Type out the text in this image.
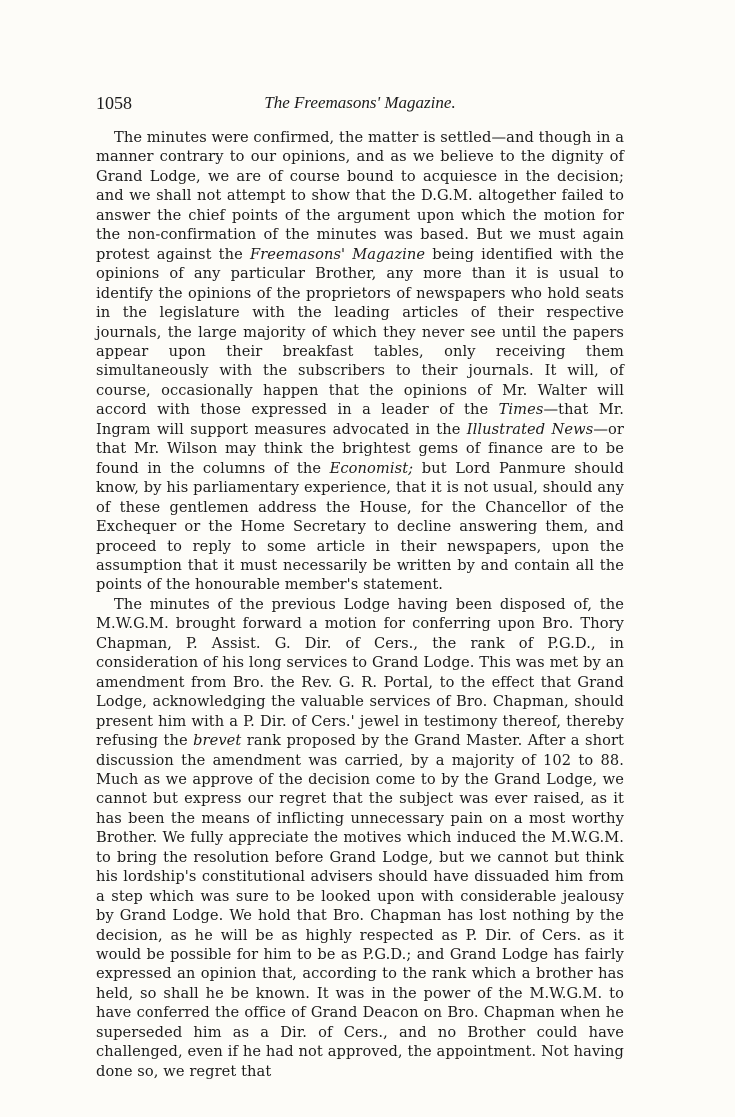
1058	The Freemasons' Magazine.

The minutes were confirmed, the matter is settled—and though in a manner contrary to our opinions, and as we believe to the dignity of Grand Lodge, we are of course bound to acquiesce in the decision; and we shall not attempt to show that the D.G.M. altogether failed to answer the chief points of the argument upon which the motion for the non-confirmation of the minutes was based. But we must again protest against the Freemasons' Magazine being identified with the opinions of any particular Brother, any more than it is usual to identify the opinions of the proprietors of newspapers who hold seats in the legislature with the leading articles of their respective journals, the large majority of which they never see until the papers appear upon their breakfast tables, only receiving them simultaneously with the subscribers to their journals. It will, of course, occasionally happen that the opinions of Mr. Walter will accord with those expressed in a leader of the Times—that Mr. Ingram will support measures advocated in the Illustrated News—or that Mr. Wilson may think the brightest gems of finance are to be found in the columns of the Economist; but Lord Panmure should know, by his parliamentary experience, that it is not usual, should any of these gentlemen address the House, for the Chancellor of the Exchequer or the Home Secretary to decline answering them, and proceed to reply to some article in their newspapers, upon the assumption that it must necessarily be written by and contain all the points of the honourable member's statement.

The minutes of the previous Lodge having been disposed of, the M.W.G.M. brought forward a motion for conferring upon Bro. Thory Chapman, P. Assist. G. Dir. of Cers., the rank of P.G.D., in consideration of his long services to Grand Lodge. This was met by an amendment from Bro. the Rev. G. R. Portal, to the effect that Grand Lodge, acknowledging the valuable services of Bro. Chapman, should present him with a P. Dir. of Cers.' jewel in testimony thereof, thereby refusing the brevet rank proposed by the Grand Master. After a short discussion the amendment was carried, by a majority of 102 to 88. Much as we approve of the decision come to by the Grand Lodge, we cannot but express our regret that the subject was ever raised, as it has been the means of inflicting unnecessary pain on a most worthy Brother. We fully appreciate the motives which induced the M.W.G.M. to bring the resolution before Grand Lodge, but we cannot but think his lordship's constitutional advisers should have dissuaded him from a step which was sure to be looked upon with considerable jealousy by Grand Lodge. We hold that Bro. Chapman has lost nothing by the decision, as he will be as highly respected as P. Dir. of Cers. as it would be possible for him to be as P.G.D.; and Grand Lodge has fairly expressed an opinion that, according to the rank which a brother has held, so shall he be known. It was in the power of the M.W.G.M. to have conferred the office of Grand Deacon on Bro. Chapman when he superseded him as a Dir. of Cers., and no Brother could have challenged, even if he had not approved, the appointment. Not having done so, we regret that
